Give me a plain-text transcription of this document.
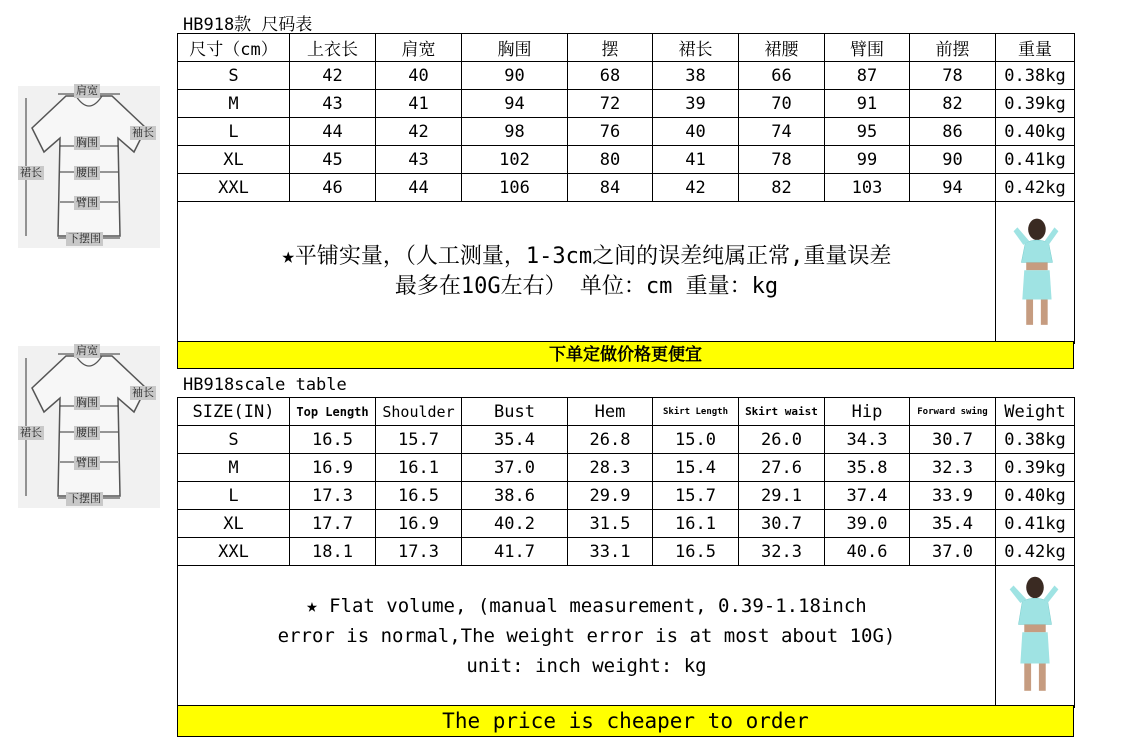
肩宽
袖长
胸围
裙长	腰围
臂围
下摆围
肩宽
袖长
胸围
裙长	腰围
臂围
下摆围
HB918款 尺码表
尺寸（cm）	上衣长	肩宽	胸围	摆	裙长	裙腰	臂围	前摆	重量
S	42	40	90	68	38	66	87	78	0.38kg
M	43	41	94	72	39	70	91	82	0.39kg
L	44	42	98	76	40	74	95	86	0.40kg
XL	45	43	102	80	41	78	99	90	0.41kg
XXL	46	44	106	84	42	82	103	94	0.42kg

★平铺实量，（人工测量，1-3cm之间的误差纯属正常,重量误差
最多在10G左右） 单位：cm 重量：kg

下单定做价格更便宜
HB918scale table
SIZE(IN)	Top Length	Shoulder	Bust	Hem	Skirt Length	Skirt waist	Hip	Forward swing	Weight
S	16.5	15.7	35.4	26.8	15.0	26.0	34.3	30.7	0.38kg
M	16.9	16.1	37.0	28.3	15.4	27.6	35.8	32.3	0.39kg
L	17.3	16.5	38.6	29.9	15.7	29.1	37.4	33.9	0.40kg
XL	17.7	16.9	40.2	31.5	16.1	30.7	39.0	35.4	0.41kg
XXL	18.1	17.3	41.7	33.1	16.5	32.3	40.6	37.0	0.42kg

★ Flat volume, (manual measurement, 0.39-1.18inch
error is normal,The weight error is at most about 10G)
unit: inch weight: kg

The price is cheaper to order
